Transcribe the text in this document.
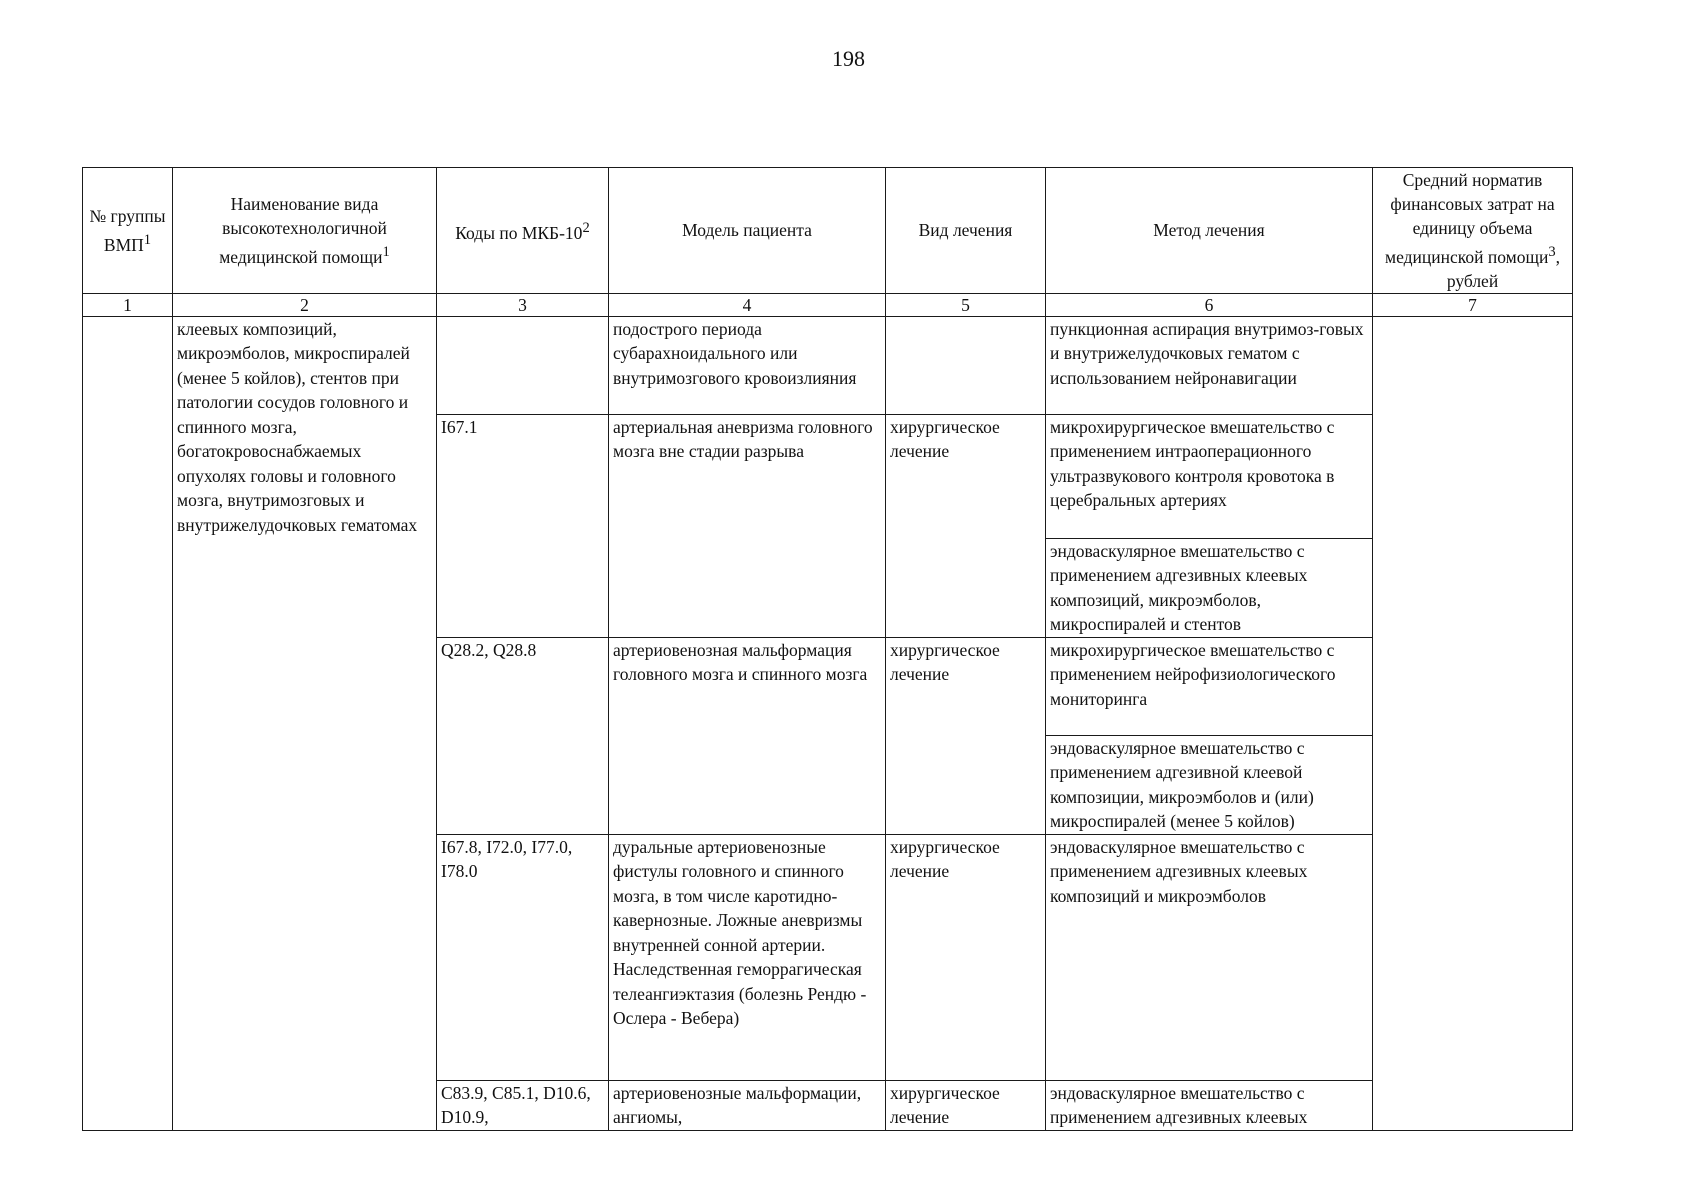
198
№ группы ВМП$^1$	Наименование вида высокотехнологичной медицинской помощи$^1$	Коды по МКБ-$10^2$	Модель пациента	Вид лечения	Метод лечения	Средний норматив финансовых затрат на единицу объема медицинской помощи$^3$, рублей
1	2	3	4	5	6	7
	клеевых композиций, микроэмболов, микроспиралей (менее 5 койлов), стентов при патологии сосудов головного и спинного мозга, богатокровоснабжаемых опухолях головы и головного мозга, внутримозговых и внутрижелудочковых гематомах		подострого периода субарахноидального или внутримозгового кровоизлияния		пункционная аспирация внутримоз-говых и внутрижелудочковых гематом с использованием нейронавигации	
		I67.1	артериальная аневризма головного мозга вне стадии разрыва	хирургическое лечение	микрохирургическое вмешательство с применением интраоперационного ультразвукового контроля кровотока в церебральных артериях	
					эндоваскулярное вмешательство с применением адгезивных клеевых композиций, микроэмболов, микроспиралей и стентов	
		Q28.2, Q28.8	артериовенозная мальформация головного мозга и спинного мозга	хирургическое лечение	микрохирургическое вмешательство с применением нейрофизиологического мониторинга	
					эндоваскулярное вмешательство с применением адгезивной клеевой композиции, микроэмболов и (или) микроспиралей (менее 5 койлов)	
		I67.8, I72.0, I77.0, I78.0	дуральные артериовенозные фистулы головного и спинного мозга, в том числе каротидно-кавернозные. Ложные аневризмы внутренней сонной артерии. Наследственная геморрагическая телеангиэктазия (болезнь Рендю - Ослера - Вебера)	хирургическое лечение	эндоваскулярное вмешательство с применением адгезивных клеевых композиций и микроэмболов	
		C83.9, C85.1, D10.6, D10.9,	артериовенозные мальформации, ангиомы,	хирургическое лечение	эндоваскулярное вмешательство с применением адгезивных клеевых	
